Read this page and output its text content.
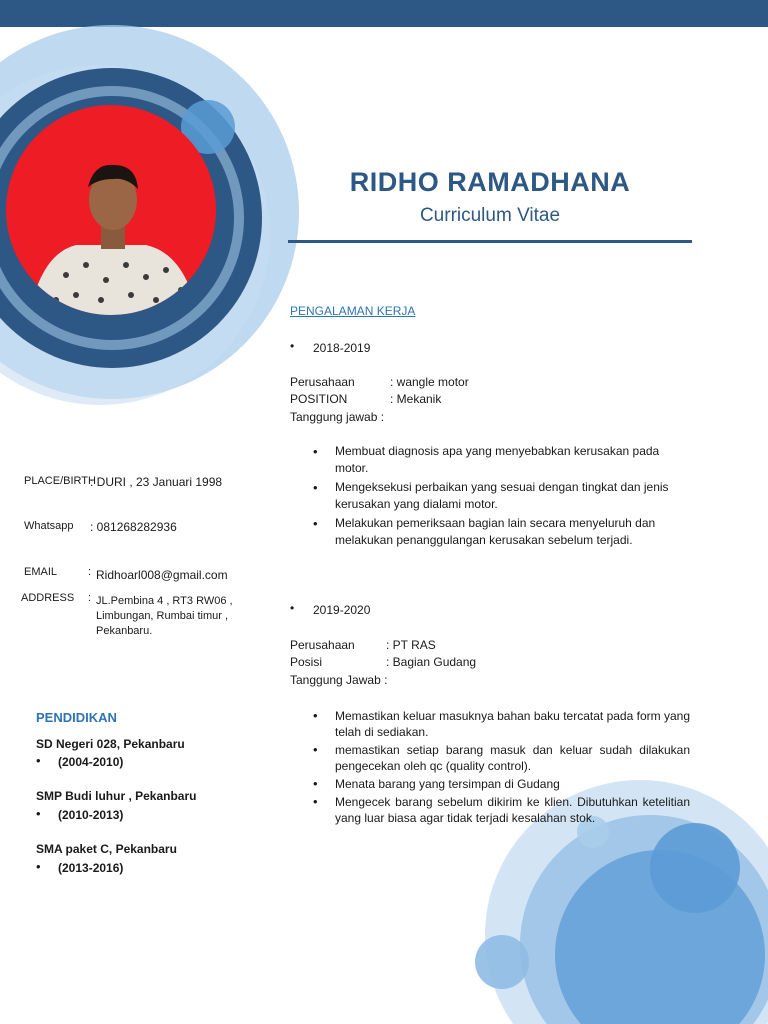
RIDHO RAMADHANA
Curriculum Vitae
PLACE/BIRTH
: DURI , 23 Januari 1998
Whatsapp : 081268282936
EMAIL	: Ridhoarl008@gmail.com
ADDRESS : JL.Pembina 4 , RT3 RW06 ,
Limbungan, Rumbai timur ,
Pekanbaru.
PENDIDIKAN
SD Negeri 028, Pekanbaru
• (2004-2010)
SMP Budi luhur , Pekanbaru
• (2010-2013)
SMA paket C, Pekanbaru
• (2013-2016)
PENGALAMAN KERJA
• 2018-2019
Perusahaan	: wangle motor
POSITION	: Mekanik
Tanggung jawab :
• Membuat diagnosis apa yang menyebabkan kerusakan pada motor.
• Mengeksekusi perbaikan yang sesuai dengan tingkat dan jenis kerusakan yang dialami motor.
• Melakukan pemeriksaan bagian lain secara menyeluruh dan melakukan penanggulangan kerusakan sebelum terjadi.
• 2019-2020
Perusahaan	: PT RAS
Posisi	: Bagian Gudang
Tanggung Jawab :
• Memastikan keluar masuknya bahan baku tercatat pada form yang telah di sediakan.
• memastikan setiap barang masuk dan keluar sudah dilakukan pengecekan oleh qc (quality control).
• Menata barang yang tersimpan di Gudang
• Mengecek barang sebelum dikirim ke klien. Dibutuhkan ketelitian yang luar biasa agar tidak terjadi kesalahan stok.
